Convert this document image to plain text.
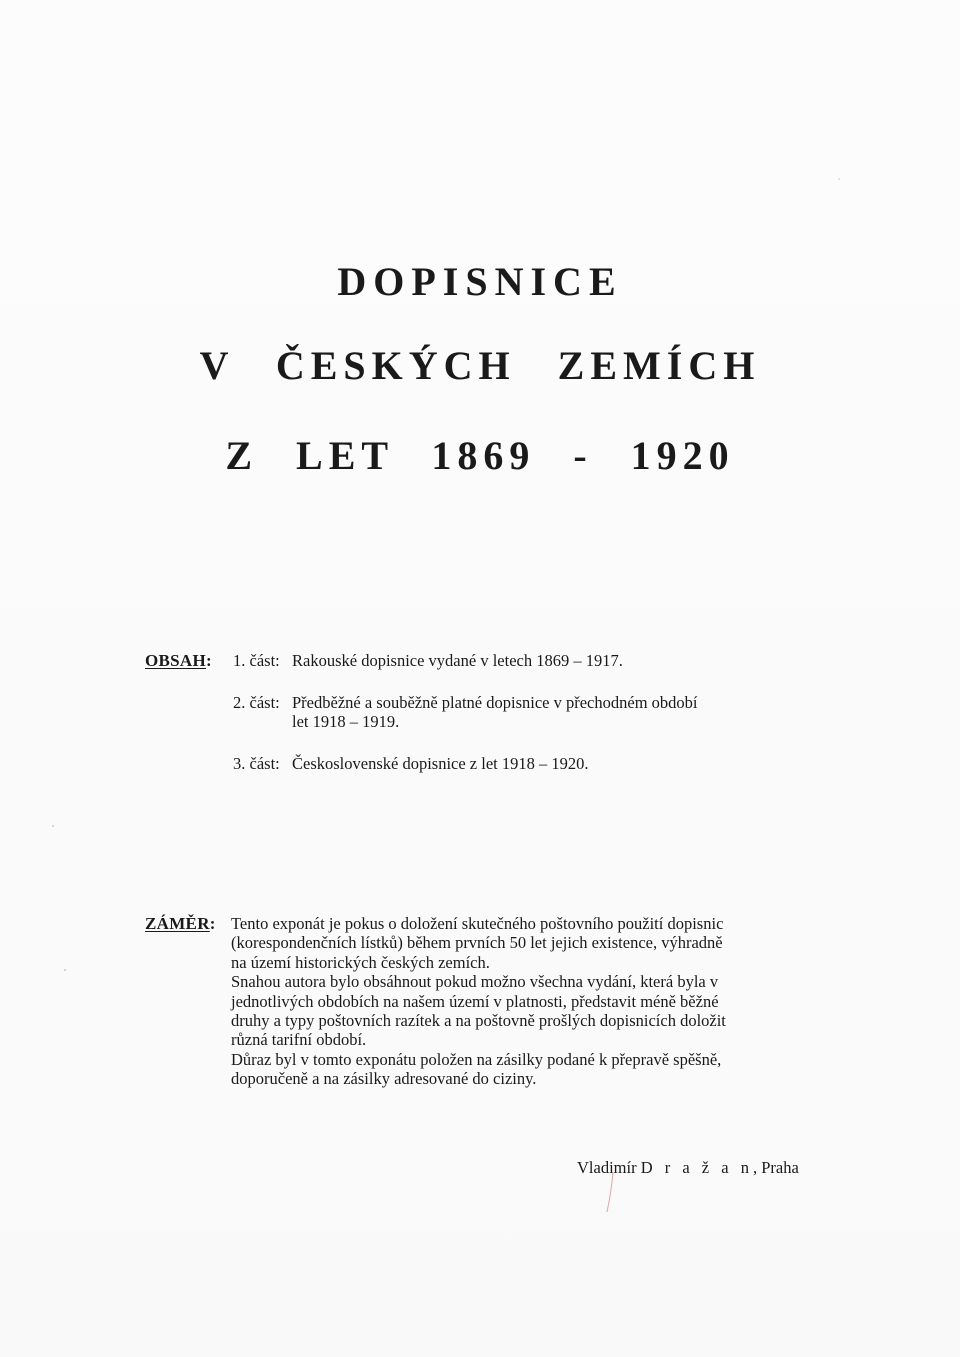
DOPISNICE
V ČESKÝCH ZEMÍCH
Z LET 1869 - 1920
OBSAH: 1. část: Rakouské dopisnice vydané v letech 1869 – 1917.
2. část: Předběžné a souběžně platné dopisnice v přechodném období
let 1918 – 1919.
3. část: Československé dopisnice z let 1918 – 1920.
ZÁMĚR: Tento exponát je pokus o doložení skutečného poštovního použití dopisnic
(korespondenčních lístků) během prvních 50 let jejich existence, výhradně
na území historických českých zemích.
Snahou autora bylo obsáhnout pokud možno všechna vydání, která byla v
jednotlivých obdobích na našem území v platnosti, představit méně běžné
druhy a typy poštovních razítek a na poštovně prošlých dopisnicích doložit
různá tarifní období.
Důraz byl v tomto exponátu položen na zásilky podané k přepravě spěšně,
doporučeně a na zásilky adresované do ciziny.
Vladimír D r a ž a n, Praha
